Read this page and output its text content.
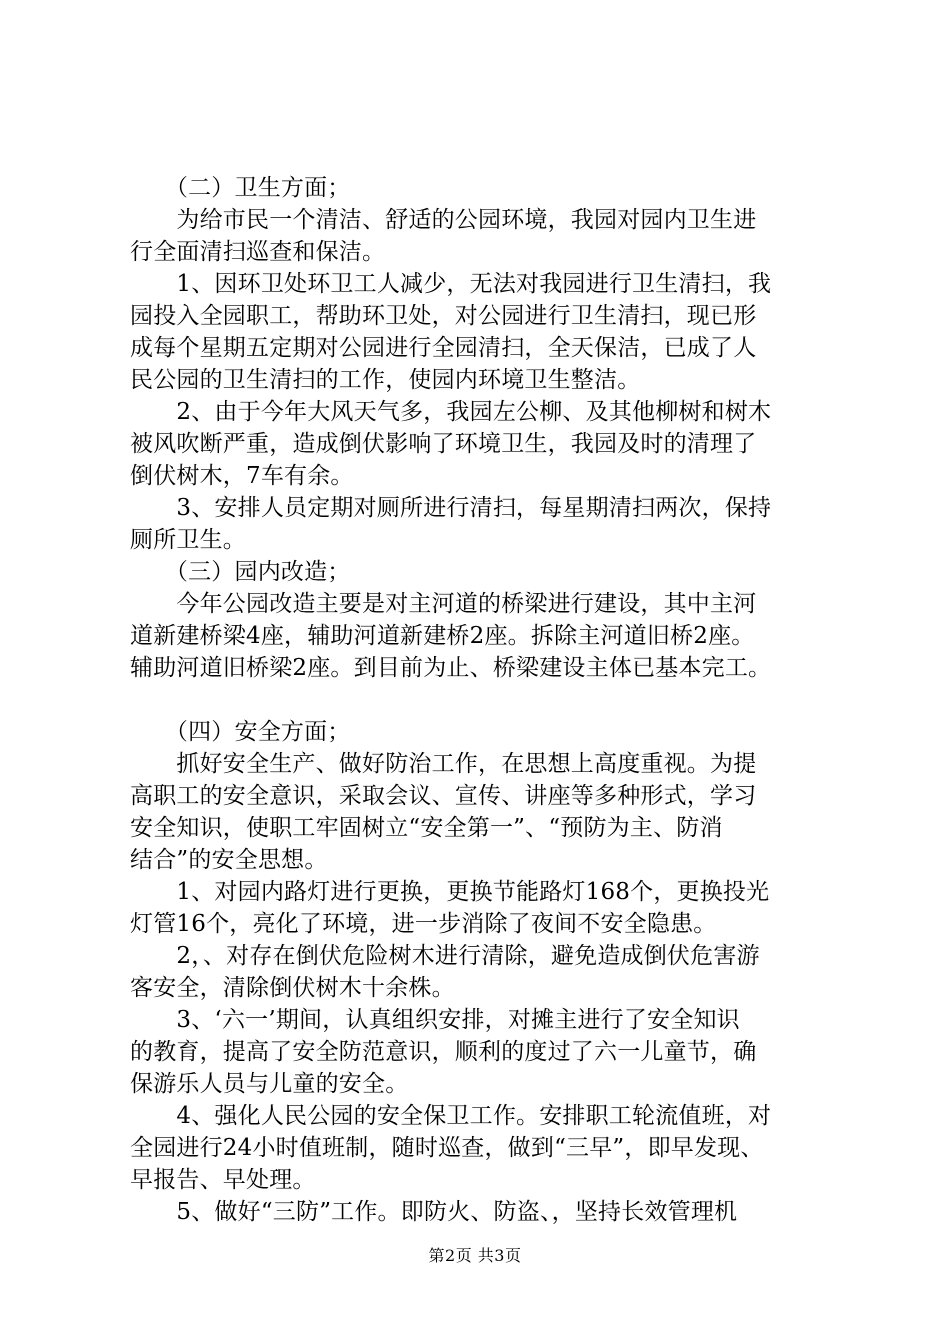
　　（二）卫生方面；
　　为给市民一个清洁、舒适的公园环境，我园对园内卫生进
行全面清扫巡查和保洁。
　　1、因环卫处环卫工人减少，无法对我园进行卫生清扫，我
园投入全园职工，帮助环卫处，对公园进行卫生清扫，现已形
成每个星期五定期对公园进行全园清扫，全天保洁，已成了人
民公园的卫生清扫的工作，使园内环境卫生整洁。
　　2、由于今年大风天气多，我园左公柳、及其他柳树和树木
被风吹断严重，造成倒伏影响了环境卫生，我园及时的清理了
倒伏树木，7车有余。
　　3、安排人员定期对厕所进行清扫，每星期清扫两次，保持
厕所卫生。
　　（三）园内改造；
　　今年公园改造主要是对主河道的桥梁进行建设，其中主河
道新建桥梁4座，辅助河道新建桥2座。拆除主河道旧桥2座。
辅助河道旧桥梁2座。到目前为止、桥梁建设主体已基本完工。
　　（四）安全方面；
　　抓好安全生产、做好防治工作，在思想上高度重视。为提
高职工的安全意识，采取会议、宣传、讲座等多种形式，学习
安全知识，使职工牢固树立“安全第一”、“预防为主、防消
结合”的安全思想。
　　1、对园内路灯进行更换，更换节能路灯168个，更换投光
灯管16个，亮化了环境，进一步消除了夜间不安全隐患。
　　2，、对存在倒伏危险树木进行清除，避免造成倒伏危害游
客安全，清除倒伏树木十余株。
　　3、‘六一’期间，认真组织安排，对摊主进行了安全知识
的教育，提高了安全防范意识，顺利的度过了六一儿童节，确
保游乐人员与儿童的安全。
　　4、强化人民公园的安全保卫工作。安排职工轮流值班，对
全园进行24小时值班制，随时巡查，做到“三早”，即早发现、
早报告、早处理。
　　5、做好“三防”工作。即防火、防盗、，坚持长效管理机
第2页 共3页
